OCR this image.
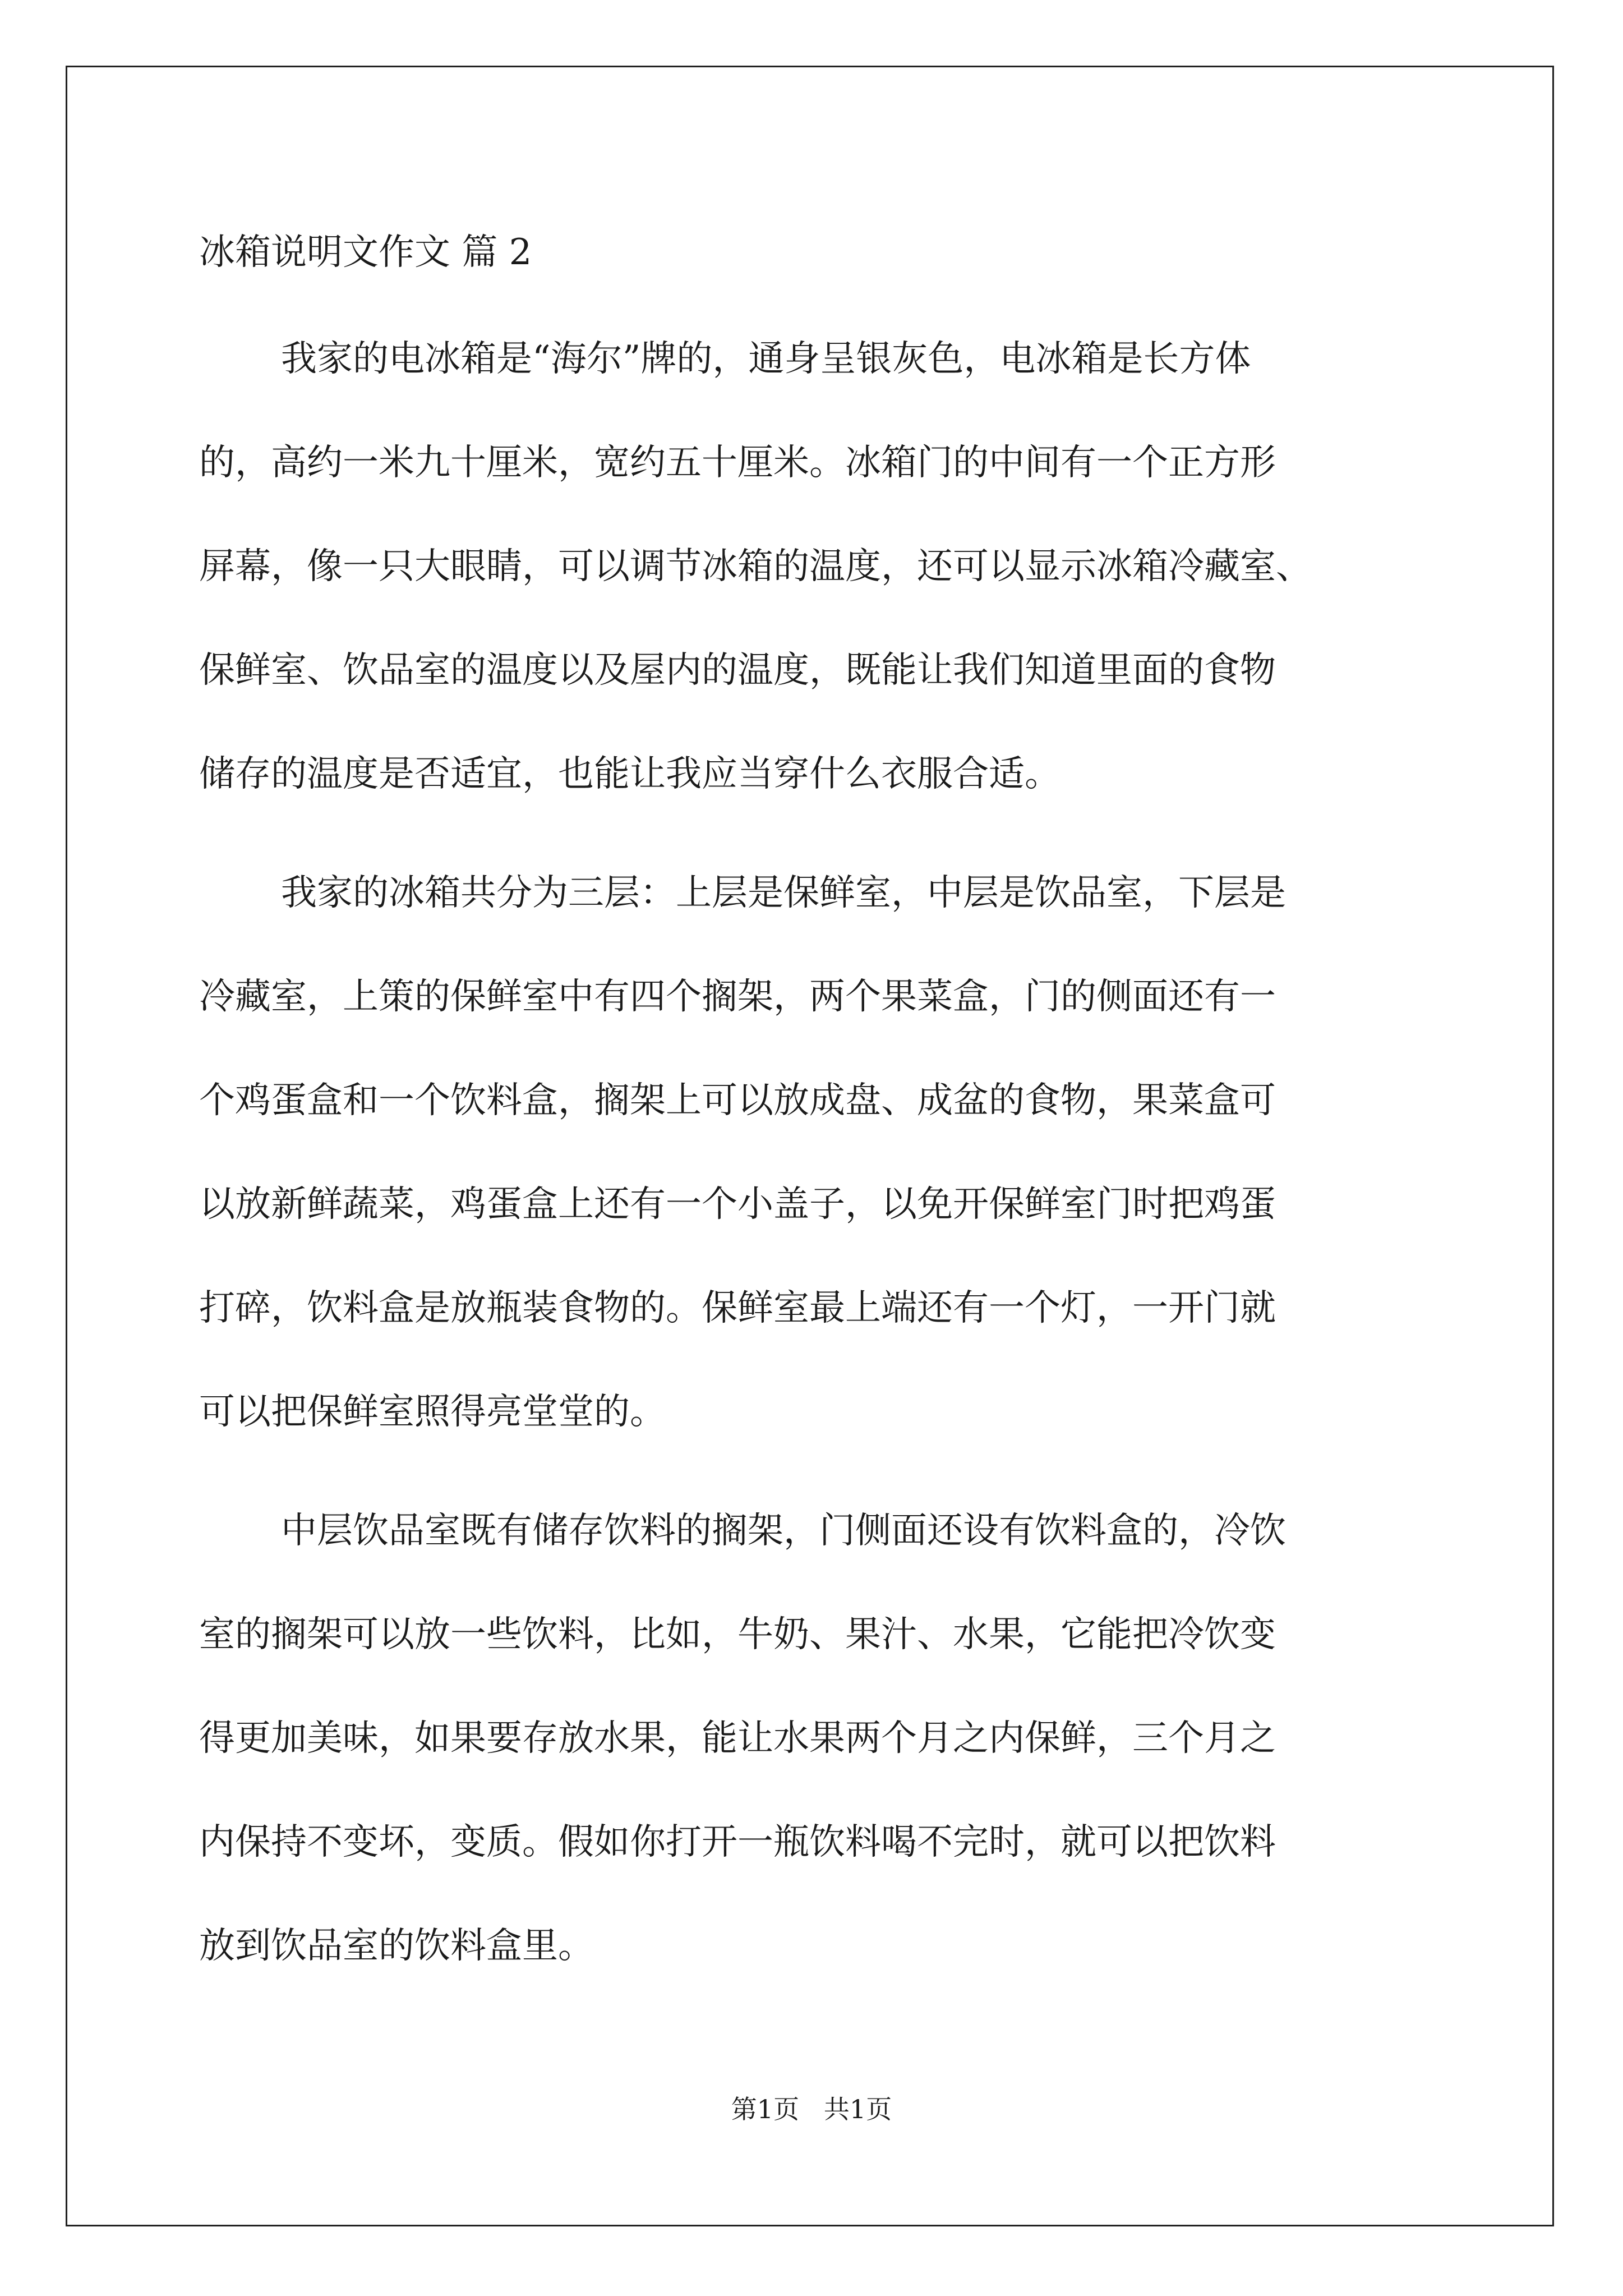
冰箱说明文作文 篇 2
我家的电冰箱是“海尔”牌的，通身呈银灰色，电冰箱是长方体
的，高约一米九十厘米，宽约五十厘米。冰箱门的中间有一个正方形
屏幕，像一只大眼睛，可以调节冰箱的温度，还可以显示冰箱冷藏室、
保鲜室、饮品室的温度以及屋内的温度，既能让我们知道里面的食物
储存的温度是否适宜，也能让我应当穿什么衣服合适。
我家的冰箱共分为三层：上层是保鲜室，中层是饮品室，下层是
冷藏室，上策的保鲜室中有四个搁架，两个果菜盒，门的侧面还有一
个鸡蛋盒和一个饮料盒，搁架上可以放成盘、成盆的食物，果菜盒可
以放新鲜蔬菜，鸡蛋盒上还有一个小盖子，以免开保鲜室门时把鸡蛋
打碎，饮料盒是放瓶装食物的。保鲜室最上端还有一个灯，一开门就
可以把保鲜室照得亮堂堂的。
中层饮品室既有储存饮料的搁架，门侧面还设有饮料盒的，冷饮
室的搁架可以放一些饮料，比如，牛奶、果汁、水果，它能把冷饮变
得更加美味，如果要存放水果，能让水果两个月之内保鲜，三个月之
内保持不变坏，变质。假如你打开一瓶饮料喝不完时，就可以把饮料
放到饮品室的饮料盒里。
第1页   共1页
